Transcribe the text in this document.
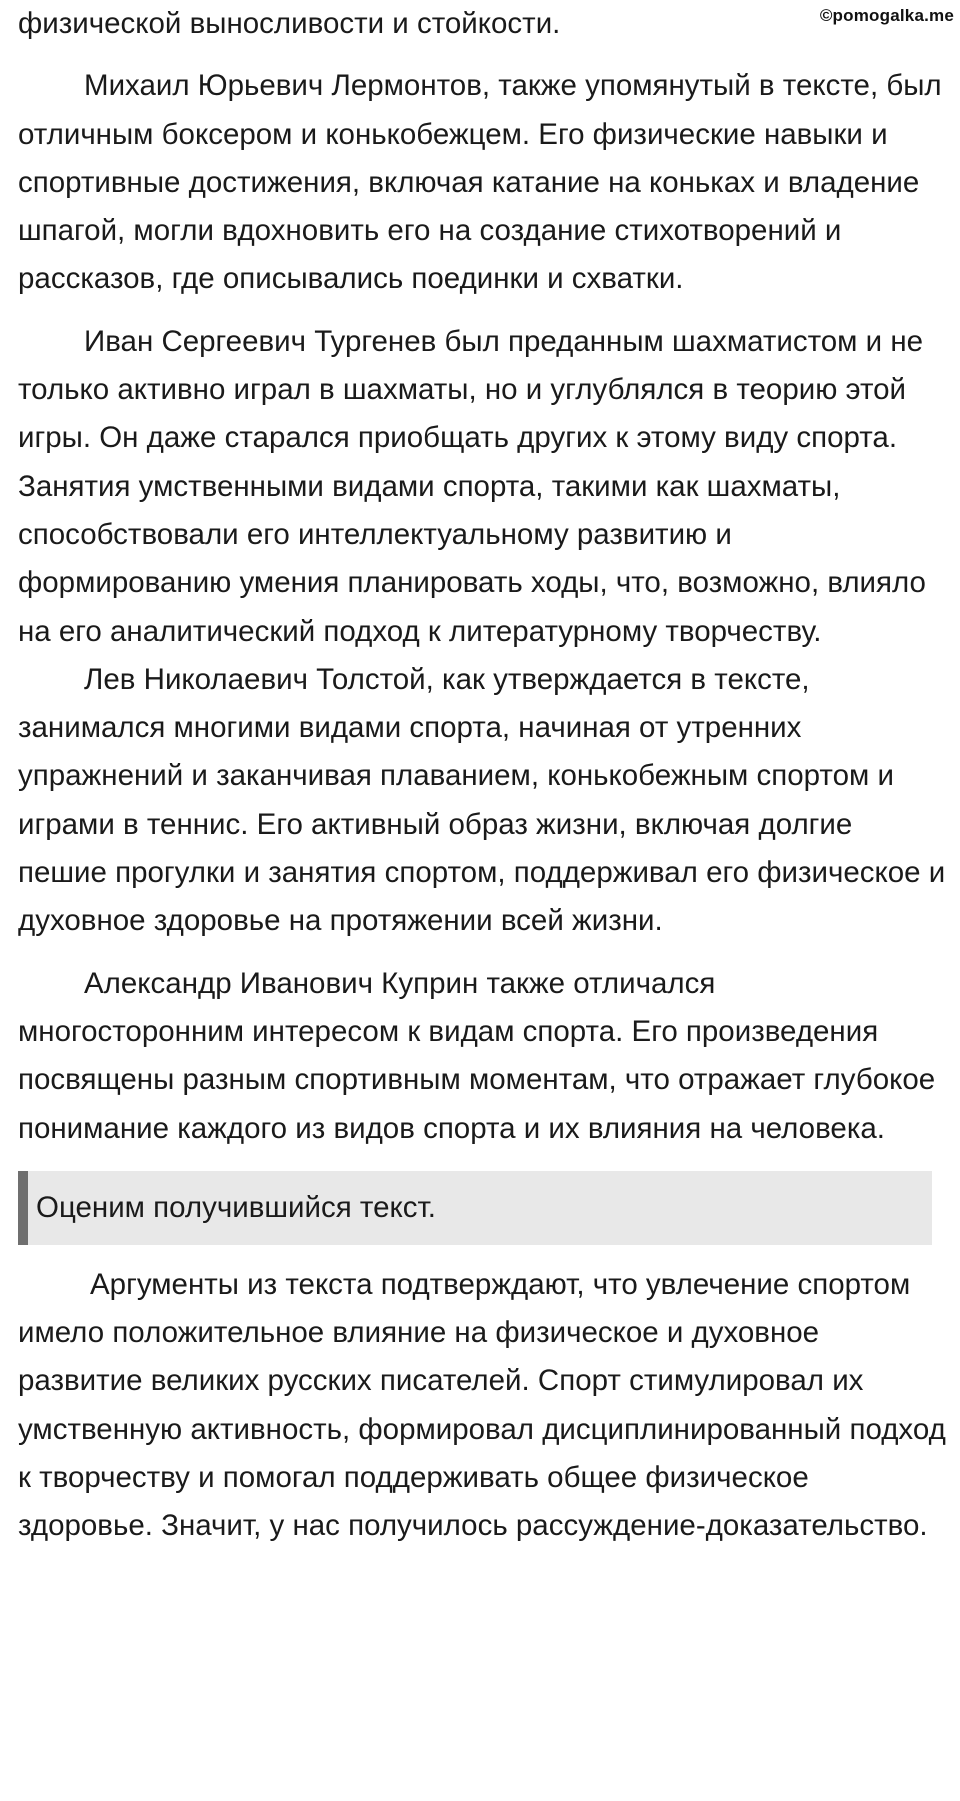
©pomogalka.me

физической выносливости и стойкости.

Михаил Юрьевич Лермонтов, также упомянутый в тексте, был отличным боксером и конькобежцем. Его физические навыки и спортивные достижения, включая катание на коньках и владение шпагой, могли вдохновить его на создание стихотворений и рассказов, где описывались поединки и схватки.

Иван Сергеевич Тургенев был преданным шахматистом и не только активно играл в шахматы, но и углублялся в теорию этой игры. Он даже старался приобщать других к этому виду спорта. Занятия умственными видами спорта, такими как шахматы, способствовали его интеллектуальному развитию и формированию умения планировать ходы, что, возможно, влияло на его аналитический подход к литературному творчеству.

Лев Николаевич Толстой, как утверждается в тексте, занимался многими видами спорта, начиная от утренних упражнений и заканчивая плаванием, конькобежным спортом и играми в теннис. Его активный образ жизни, включая долгие пешие прогулки и занятия спортом, поддерживал его физическое и духовное здоровье на протяжении всей жизни.

Александр Иванович Куприн также отличался многосторонним интересом к видам спорта. Его произведения посвящены разным спортивным моментам, что отражает глубокое понимание каждого из видов спорта и их влияния на человека.

Оценим получившийся текст.

Аргументы из текста подтверждают, что увлечение спортом имело положительное влияние на физическое и духовное развитие великих русских писателей. Спорт стимулировал их умственную активность, формировал дисциплинированный подход к творчеству и помогал поддерживать общее физическое здоровье. Значит, у нас получилось рассуждение-доказательство.
